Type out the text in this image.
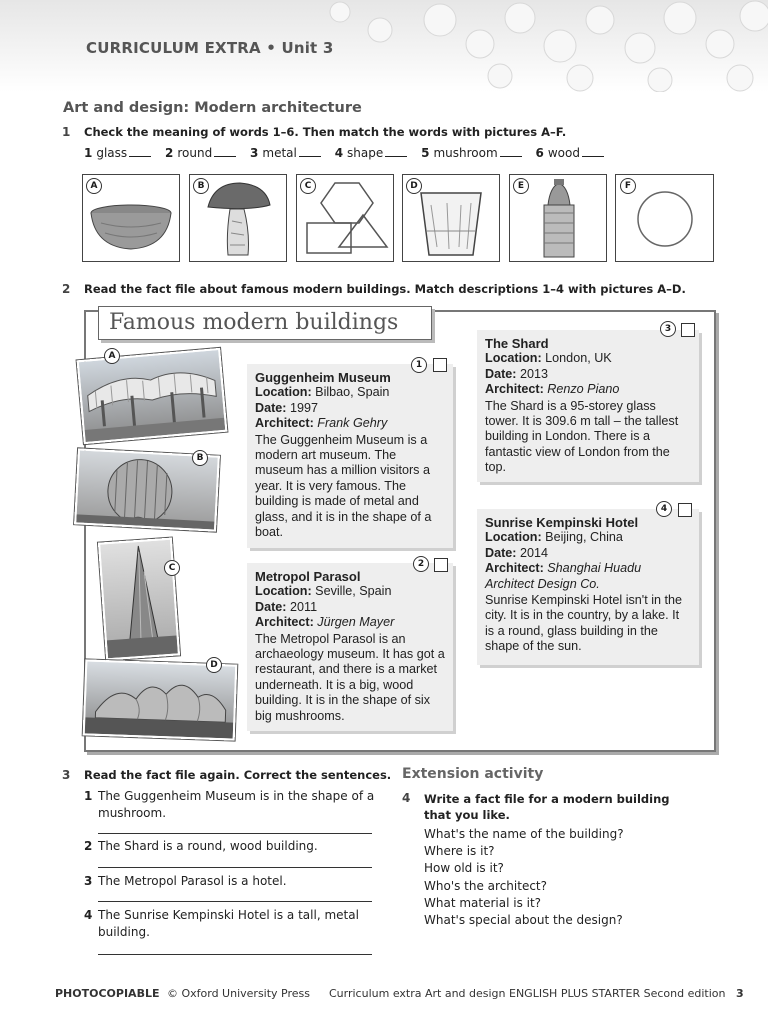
CURRICULUM EXTRA • Unit 3
Art and design: Modern architecture
1 Check the meaning of words 1–6. Then match the words with pictures A–F.
1 glass	2 round	3 metal	4 shape	5 mushroom	6 wood
A	B	C	D	E	F
2 Read the fact file about famous modern buildings. Match descriptions 1–4 with pictures A–D.
Famous modern buildings
A
B
C
D
Guggenheim Museum
Location: Bilbao, Spain
Date: 1997
Architect: Frank Gehry
The Guggenheim Museum is a modern art museum. The museum has a million visitors a year. It is very famous. The building is made of metal and glass, and it is in the shape of a boat.
1
Metropol Parasol
Location: Seville, Spain
Date: 2011
Architect: Jürgen Mayer
The Metropol Parasol is an archaeology museum. It has got a restaurant, and there is a market underneath. It is a big, wood building. It is in the shape of six big mushrooms.
2
The Shard
Location: London, UK
Date: 2013
Architect: Renzo Piano
The Shard is a 95-storey glass tower. It is 309.6 m tall – the tallest building in London. There is a fantastic view of London from the top.
3
Sunrise Kempinski Hotel
Location: Beijing, China
Date: 2014
Architect: Shanghai Huadu Architect Design Co.
Sunrise Kempinski Hotel isn't in the city. It is in the country, by a lake. It is a round, glass building in the shape of the sun.
4
3 Read the fact file again. Correct the sentences.
1 The Guggenheim Museum is in the shape of a mushroom.
2 The Shard is a round, wood building.
3 The Metropol Parasol is a hotel.
4 The Sunrise Kempinski Hotel is a tall, metal building.
Extension activity
4 Write a fact file for a modern building that you like.
What's the name of the building?
Where is it?
How old is it?
Who's the architect?
What material is it?
What's special about the design?
PHOTOCOPIABLE © Oxford University Press Curriculum extra Art and design ENGLISH PLUS STARTER Second edition 3
